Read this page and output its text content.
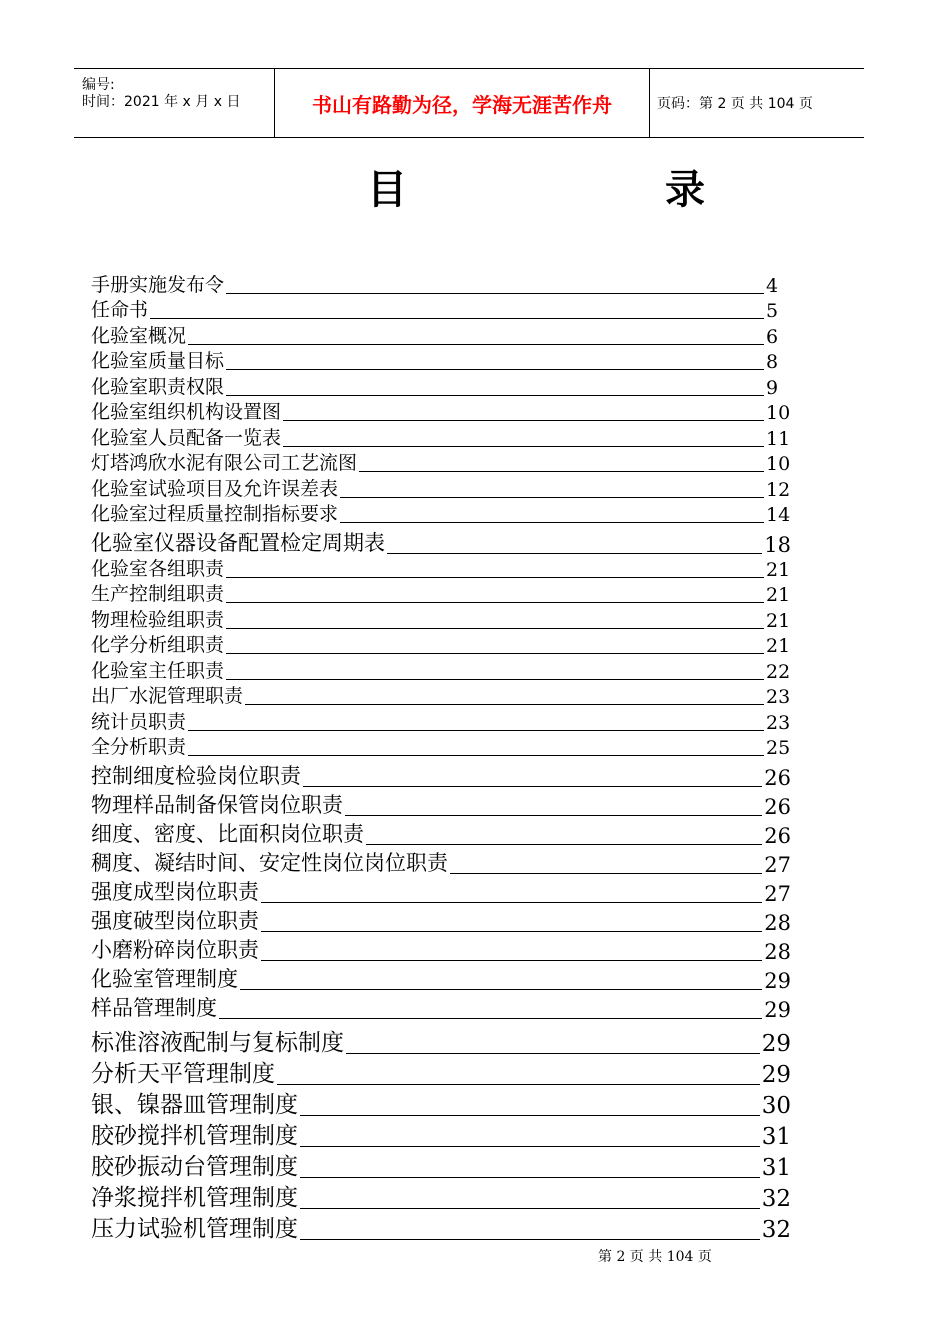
编号:
时间：2021 年 x 月 x 日	书山有路勤为径，学海无涯苦作舟	页码：第 2 页 共 104 页
目 录
手册实施发布令	4
任命书	5
化验室概况	6
化验室质量目标	8
化验室职责权限	9
化验室组织机构设置图	10
化验室人员配备一览表	11
灯塔鸿欣水泥有限公司工艺流图	10
化验室试验项目及允许误差表	12
化验室过程质量控制指标要求	14
化验室仪器设备配置检定周期表	18
化验室各组职责	21
生产控制组职责	21
物理检验组职责	21
化学分析组职责	21
化验室主任职责	22
出厂水泥管理职责	23
统计员职责	23
全分析职责	25
控制细度检验岗位职责	26
物理样品制备保管岗位职责	26
细度、密度、比面积岗位职责	26
稠度、凝结时间、安定性岗位岗位职责	27
强度成型岗位职责	27
强度破型岗位职责	28
小磨粉碎岗位职责	28
化验室管理制度	29
样品管理制度	29
标准溶液配制与复标制度	29
分析天平管理制度	29
银、镍器皿管理制度	30
胶砂搅拌机管理制度	31
胶砂振动台管理制度	31
净浆搅拌机管理制度	32
压力试验机管理制度	32
第 2 页 共 104 页
